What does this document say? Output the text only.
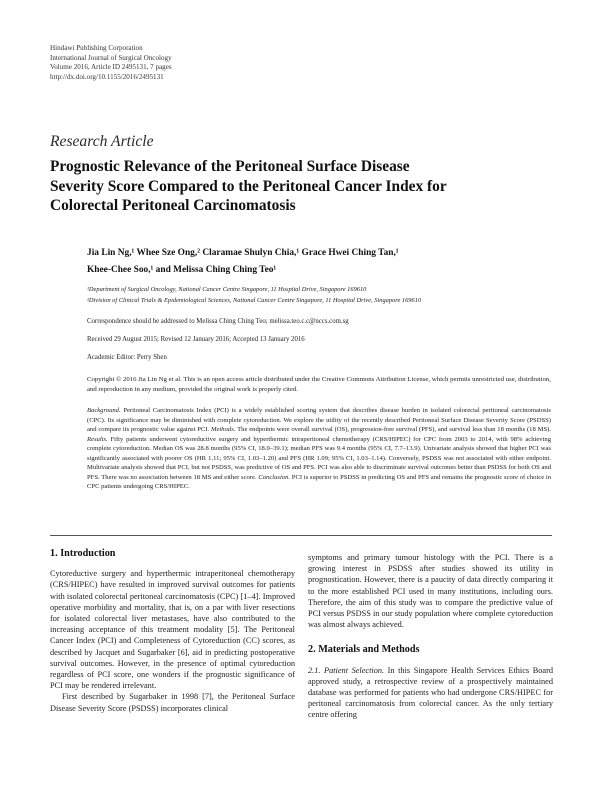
Hindawi Publishing Corporation
International Journal of Surgical Oncology
Volume 2016, Article ID 2495131, 7 pages
http://dx.doi.org/10.1155/2016/2495131
Research Article
Prognostic Relevance of the Peritoneal Surface Disease
Severity Score Compared to the Peritoneal Cancer Index for
Colorectal Peritoneal Carcinomatosis
Jia Lin Ng,¹ Whee Sze Ong,² Claramae Shulyn Chia,¹ Grace Hwei Ching Tan,¹
Khee-Chee Soo,¹ and Melissa Ching Ching Teo¹
¹Department of Surgical Oncology, National Cancer Centre Singapore, 11 Hospital Drive, Singapore 169610
²Division of Clinical Trials & Epidemiological Sciences, National Cancer Centre Singapore, 11 Hospital Drive, Singapore 169610
Correspondence should be addressed to Melissa Ching Ching Teo; melissa.teo.c.c@nccs.com.sg
Received 29 August 2015; Revised 12 January 2016; Accepted 13 January 2016
Academic Editor: Perry Shen
Copyright © 2016 Jia Lin Ng et al. This is an open access article distributed under the Creative Commons Attribution License, which permits unrestricted use, distribution, and reproduction in any medium, provided the original work is properly cited.
Background. Peritoneal Carcinomatosis Index (PCI) is a widely established scoring system that describes disease burden in isolated colorectal peritoneal carcinomatosis (CPC). Its significance may be diminished with complete cytoreduction. We explore the utility of the recently described Peritoneal Surface Disease Severity Score (PSDSS) and compare its prognostic value against PCI. Methods. The endpoints were overall survival (OS), progression-free survival (PFS), and survival less than 18 months (18 MS). Results. Fifty patients underwent cytoreductive surgery and hyperthermic intraperitoneal chemotherapy (CRS/HIPEC) for CPC from 2003 to 2014, with 98% achieving complete cytoreduction. Median OS was 28.8 months (95% CI, 18.0–39.1); median PFS was 9.4 months (95% CI, 7.7–13.9). Univariate analysis showed that higher PCI was significantly associated with poorer OS (HR 1.11; 95% CI, 1.03–1.20) and PFS (HR 1.09; 95% CI, 1.03–1.14). Conversely, PSDSS was not associated with either endpoint. Multivariate analysis showed that PCI, but not PSDSS, was predictive of OS and PFS. PCI was also able to discriminate survival outcomes better than PSDSS for both OS and PFS. There was no association between 18 MS and either score. Conclusion. PCI is superior to PSDSS in predicting OS and PFS and remains the prognostic score of choice in CPC patients undergoing CRS/HIPEC.

1. Introduction

Cytoreductive surgery and hyperthermic intraperitoneal chemotherapy (CRS/HIPEC) have resulted in improved survival outcomes for patients with isolated colorectal peritoneal carcinomatosis (CPC) [1–4]. Improved operative morbidity and mortality, that is, on a par with liver resections for isolated colorectal liver metastases, have also contributed to the increasing acceptance of this treatment modality [5]. The Peritoneal Cancer Index (PCI) and Completeness of Cytoreduction (CC) scores, as described by Jacquet and Sugarbaker [6], aid in predicting postoperative survival outcomes. However, in the presence of optimal cytoreduction regardless of PCI score, one wonders if the prognostic significance of PCI may be rendered irrelevant.

First described by Sugarbaker in 1998 [7], the Peritoneal Surface Disease Severity Score (PSDSS) incorporates clinical

symptoms and primary tumour histology with the PCI. There is a growing interest in PSDSS after studies showed its utility in prognostication. However, there is a paucity of data directly comparing it to the more established PCI used in many institutions, including ours. Therefore, the aim of this study was to compare the predictive value of PCI versus PSDSS in our study population where complete cytoreduction was almost always achieved.

2. Materials and Methods

2.1. Patient Selection. In this Singapore Health Services Ethics Board approved study, a retrospective review of a prospectively maintained database was performed for patients who had undergone CRS/HIPEC for peritoneal carcinomatosis from colorectal cancer. As the only tertiary centre offering
